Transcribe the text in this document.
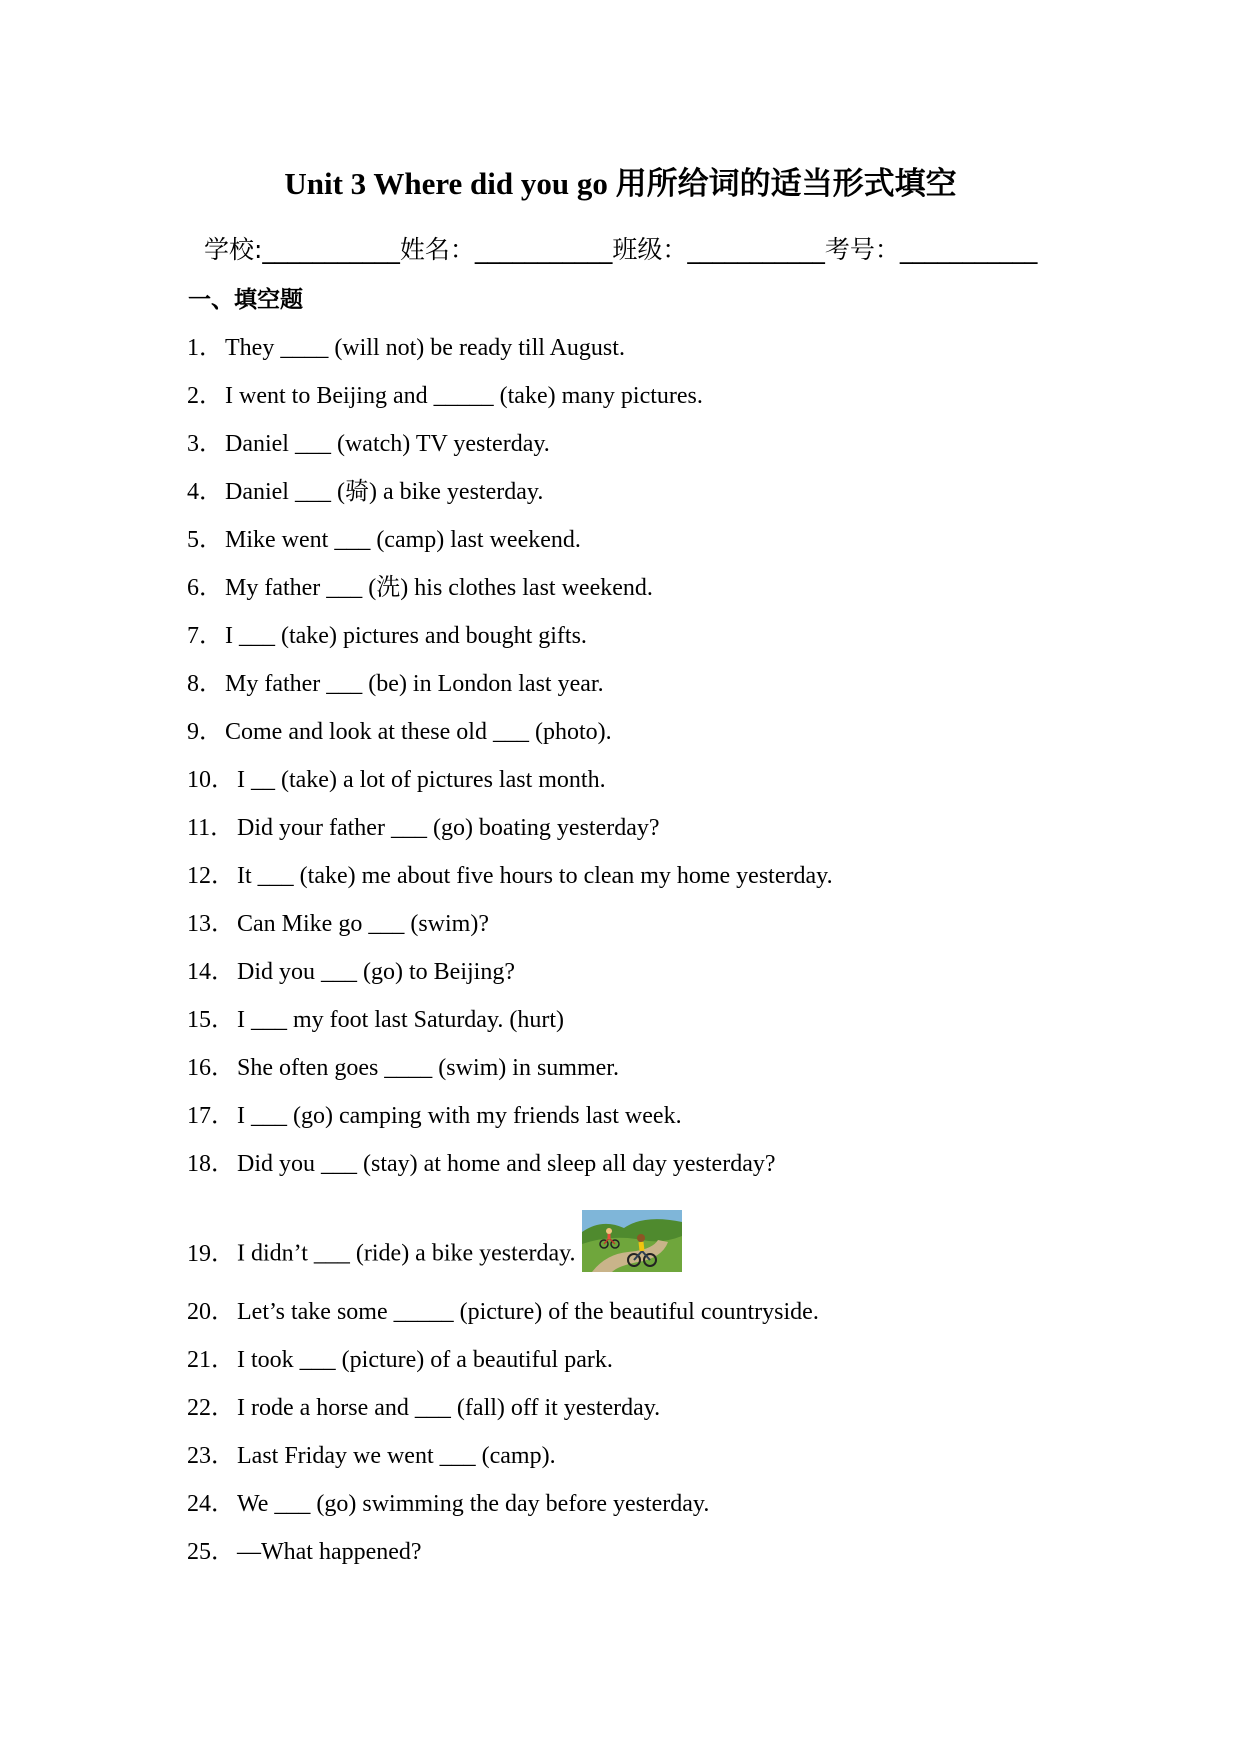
Unit 3 Where did you go 用所给词的适当形式填空
学校:___________姓名：___________班级：___________考号：___________
一、填空题
1．They ____ (will not) be ready till August.
2．I went to Beijing and _____ (take) many pictures.
3．Daniel ___ (watch) TV yesterday.
4．Daniel ___ (骑) a bike yesterday.
5．Mike went ___ (camp) last weekend.
6．My father ___ (洗) his clothes last weekend.
7．I ___ (take) pictures and bought gifts.
8．My father ___ (be) in London last year.
9．Come and look at these old ___ (photo).
10．I __ (take) a lot of pictures last month.
11． Did your father ___ (go) boating yesterday?
12．It ___ (take) me about five hours to clean my home yesterday.
13．Can Mike go ___ (swim)?
14．Did you ___ (go) to Beijing?
15．I ___ my foot last Saturday. (hurt)
16．She often goes ____ (swim) in summer.
17．I ___ (go) camping with my friends last week.
18．Did you ___ (stay) at home and sleep all day yesterday?
19．I didn’t ___ (ride) a bike yesterday.
20．Let’s take some _____ (picture) of the beautiful countryside.
21．I took ___ (picture) of a beautiful park.
22．I rode a horse and ___ (fall) off it yesterday.
23．Last Friday we went ___ (camp).
24．We ___ (go) swimming the day before yesterday.
25．—What happened?
